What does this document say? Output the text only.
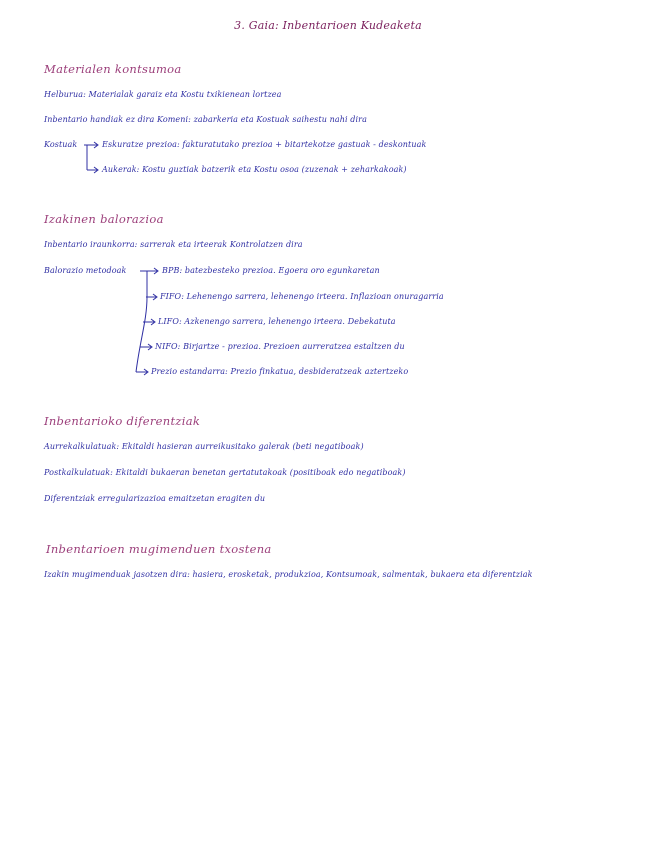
3. Gaia: Inbentarioen Kudeaketa
Materialen kontsumoa
Helburua: Materialak garaiz eta Kostu txikienean lortzea
Inbentario handiak ez dira Komeni: zabarkeria eta Kostuak saihestu nahi dira
Kostuak	Eskuratze prezioa: fakturatutako prezioa + bitartekotze gastuak - deskontuak
Aukerak: Kostu guztiak batzerik eta Kostu osoa (zuzenak + zeharkakoak)
Izakinen balorazioa
Inbentario iraunkorra: sarrerak eta irteerak Kontrolatzen dira
Balorazio metodoak	BPB: batezbesteko prezioa. Egoera oro egunkaretan
FIFO: Lehenengo sarrera, lehenengo irteera. Inflazioan onuragarria
LIFO: Azkenengo sarrera, lehenengo irteera. Debekatuta
NIFO: Birjartze - prezioa. Prezioen aurreratzea estaltzen du
Prezio estandarra: Prezio finkatua, desbideratzeak aztertzeko
Inbentarioko diferentziak
Aurrekalkulatuak: Ekitaldi hasieran aurreikusitako galerak (beti negatiboak)
Postkalkulatuak: Ekitaldi bukaeran benetan gertatutakoak (positiboak edo negatiboak)
Diferentziak erregularizazioa emaitzetan eragiten du
Inbentarioen mugimenduen txostena
Izakin mugimenduak jasotzen dira: hasiera, erosketak, produkzioa, Kontsumoak, salmentak, bukaera eta diferentziak
